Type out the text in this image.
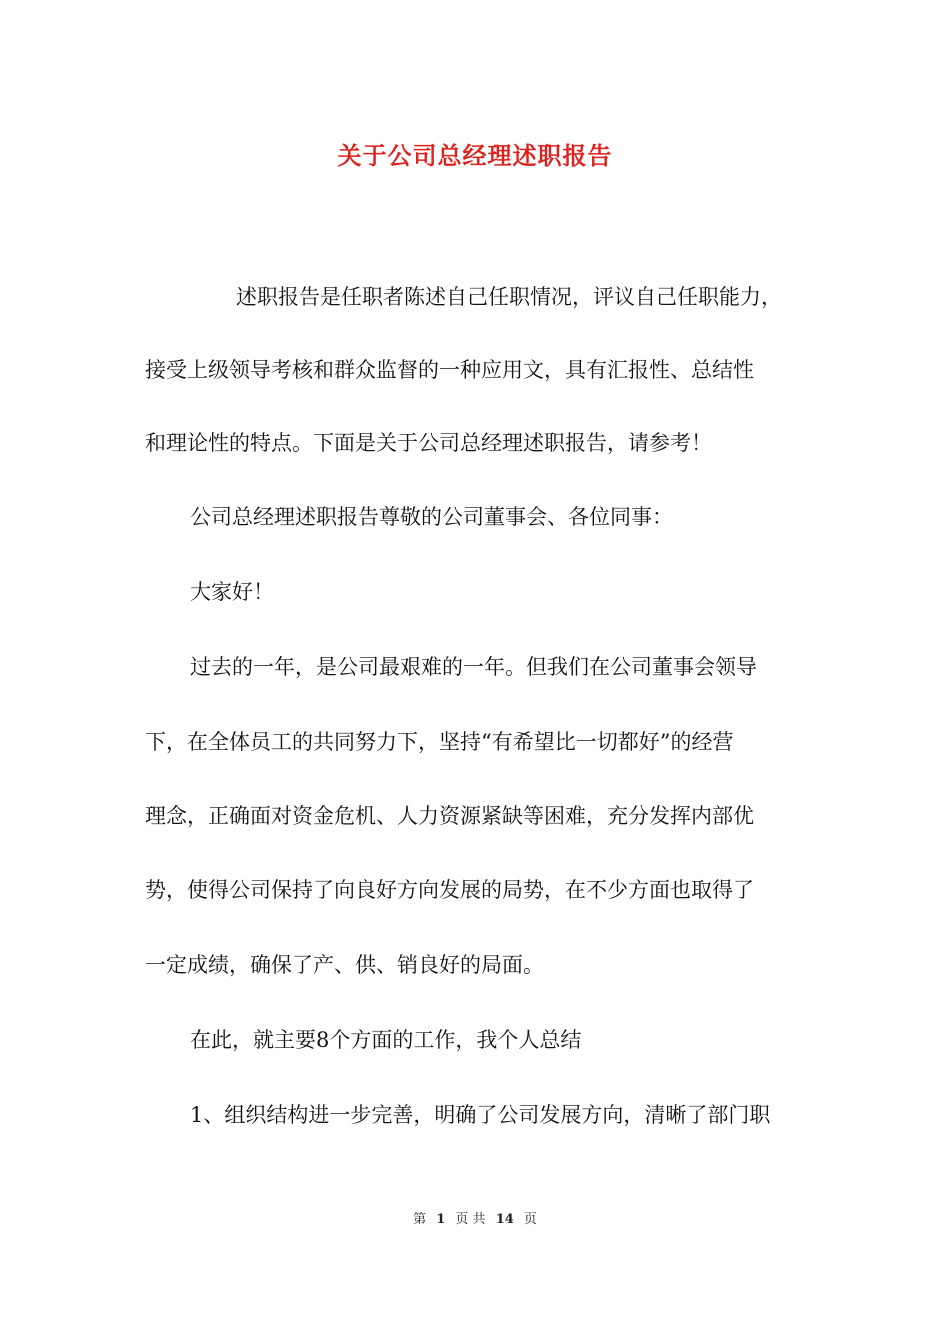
关于公司总经理述职报告
述职报告是任职者陈述自己任职情况，评议自己任职能力，
接受上级领导考核和群众监督的一种应用文，具有汇报性、总结性
和理论性的特点。下面是关于公司总经理述职报告，请参考！
公司总经理述职报告尊敬的公司董事会、各位同事：
大家好！
过去的一年，是公司最艰难的一年。但我们在公司董事会领导
下，在全体员工的共同努力下，坚持“有希望比一切都好”的经营
理念，正确面对资金危机、人力资源紧缺等困难，充分发挥内部优
势，使得公司保持了向良好方向发展的局势，在不少方面也取得了
一定成绩，确保了产、供、销良好的局面。
在此，就主要8个方面的工作，我个人总结
1、组织结构进一步完善，明确了公司发展方向，清晰了部门职
第 1 页 共 14 页
